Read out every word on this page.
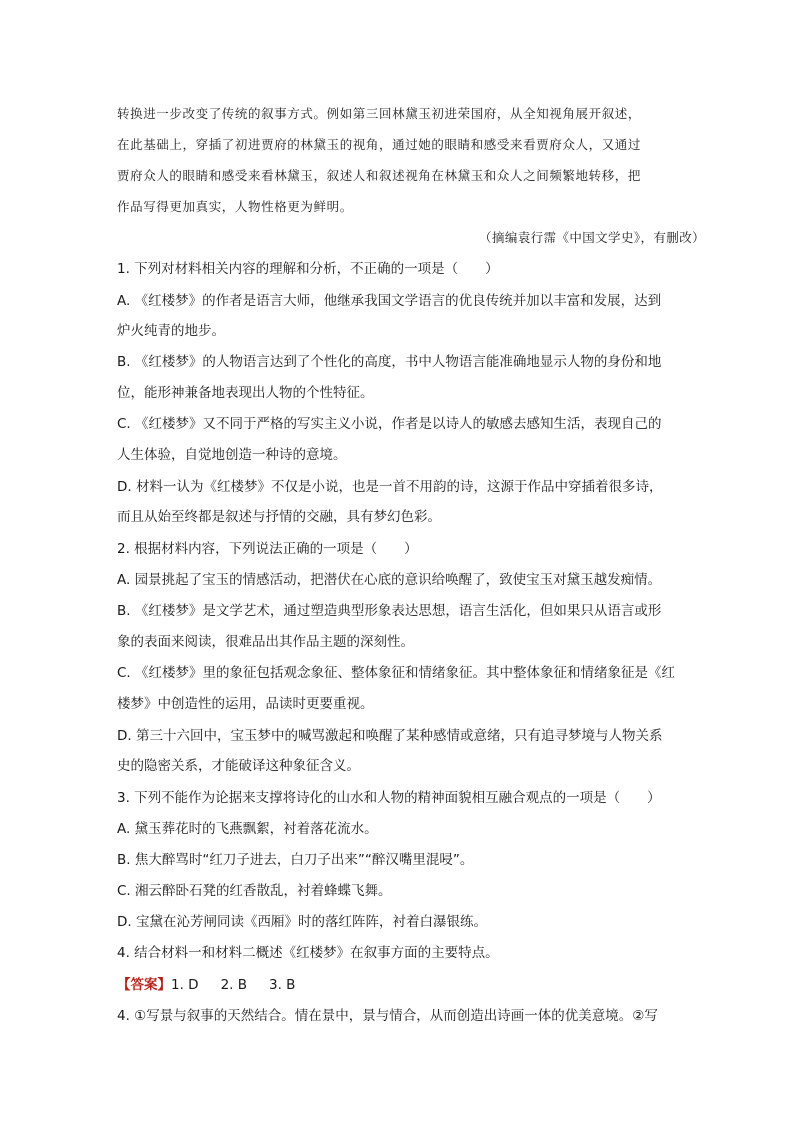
转换进一步改变了传统的叙事方式。例如第三回林黛玉初进荣国府，从全知视角展开叙述，
在此基础上，穿插了初进贾府的林黛玉的视角，通过她的眼睛和感受来看贾府众人，又通过
贾府众人的眼睛和感受来看林黛玉，叙述人和叙述视角在林黛玉和众人之间频繁地转移，把
作品写得更加真实，人物性格更为鲜明。
（摘编袁行霈《中国文学史》，有删改）
1. 下列对材料相关内容的理解和分析，不正确的一项是（　　）
A. 《红楼梦》的作者是语言大师，他继承我国文学语言的优良传统并加以丰富和发展，达到
炉火纯青的地步。
B. 《红楼梦》的人物语言达到了个性化的高度，书中人物语言能准确地显示人物的身份和地
位，能形神兼备地表现出人物的个性特征。
C. 《红楼梦》又不同于严格的写实主义小说，作者是以诗人的敏感去感知生活，表现自己的
人生体验，自觉地创造一种诗的意境。
D. 材料一认为《红楼梦》不仅是小说，也是一首不用韵的诗，这源于作品中穿插着很多诗，
而且从始至终都是叙述与抒情的交融，具有梦幻色彩。
2. 根据材料内容，下列说法正确的一项是（　　）
A. 园景挑起了宝玉的情感活动，把潜伏在心底的意识给唤醒了，致使宝玉对黛玉越发痴情。
B. 《红楼梦》是文学艺术，通过塑造典型形象表达思想，语言生活化，但如果只从语言或形
象的表面来阅读，很难品出其作品主题的深刻性。
C. 《红楼梦》里的象征包括观念象征、整体象征和情绪象征。其中整体象征和情绪象征是《红
楼梦》中创造性的运用，品读时更要重视。
D. 第三十六回中，宝玉梦中的喊骂激起和唤醒了某种感情或意绪，只有追寻梦境与人物关系
史的隐密关系，才能破译这种象征含义。
3. 下列不能作为论据来支撑将诗化的山水和人物的精神面貌相互融合观点的一项是（　　）
A. 黛玉葬花时的飞燕飘絮，衬着落花流水。
B. 焦大醉骂时“红刀子进去，白刀子出来”“醉汉嘴里混唚”。
C. 湘云醉卧石凳的红香散乱，衬着蜂蝶飞舞。
D. 宝黛在沁芳闸同读《西厢》时的落红阵阵，衬着白瀑银练。
4. 结合材料一和材料二概述《红楼梦》在叙事方面的主要特点。
【答案】1. D 2. B 3. B
4. ①写景与叙事的天然结合。情在景中，景与情合，从而创造出诗画一体的优美意境。②写
